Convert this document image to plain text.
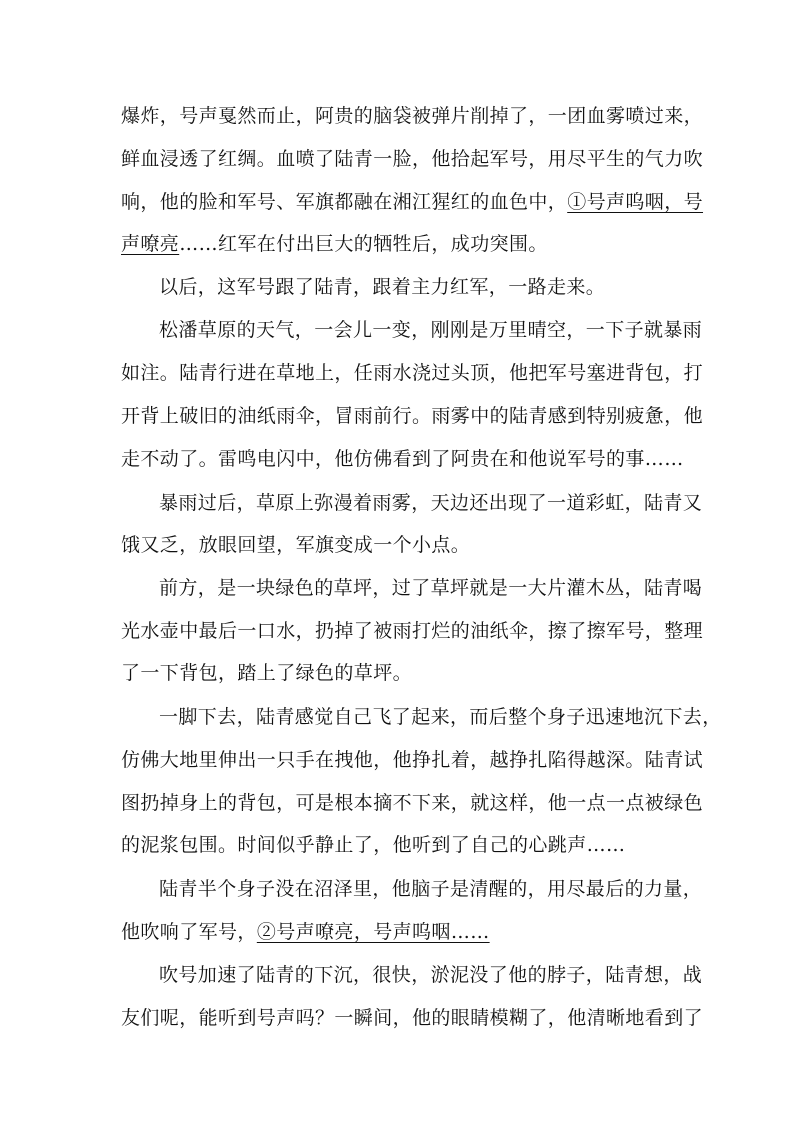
爆炸，号声戛然而止，阿贵的脑袋被弹片削掉了，一团血雾喷过来，
鲜血浸透了红绸。血喷了陆青一脸，他拾起军号，用尽平生的气力吹
响，他的脸和军号、军旗都融在湘江猩红的血色中，①号声呜咽，号
声嘹亮……红军在付出巨大的牺牲后，成功突围。
以后，这军号跟了陆青，跟着主力红军，一路走来。
松潘草原的天气，一会儿一变，刚刚是万里晴空，一下子就暴雨
如注。陆青行进在草地上，任雨水浇过头顶，他把军号塞进背包，打
开背上破旧的油纸雨伞，冒雨前行。雨雾中的陆青感到特别疲惫，他
走不动了。雷鸣电闪中，他仿佛看到了阿贵在和他说军号的事……
暴雨过后，草原上弥漫着雨雾，天边还出现了一道彩虹，陆青又
饿又乏，放眼回望，军旗变成一个小点。
前方，是一块绿色的草坪，过了草坪就是一大片灌木丛，陆青喝
光水壶中最后一口水，扔掉了被雨打烂的油纸伞，擦了擦军号，整理
了一下背包，踏上了绿色的草坪。
一脚下去，陆青感觉自己飞了起来，而后整个身子迅速地沉下去，
仿佛大地里伸出一只手在拽他，他挣扎着，越挣扎陷得越深。陆青试
图扔掉身上的背包，可是根本摘不下来，就这样，他一点一点被绿色
的泥浆包围。时间似乎静止了，他听到了自己的心跳声……
陆青半个身子没在沼泽里，他脑子是清醒的，用尽最后的力量，
他吹响了军号，②号声嘹亮，号声呜咽……
吹号加速了陆青的下沉，很快，淤泥没了他的脖子，陆青想，战
友们呢，能听到号声吗？一瞬间，他的眼睛模糊了，他清晰地看到了
